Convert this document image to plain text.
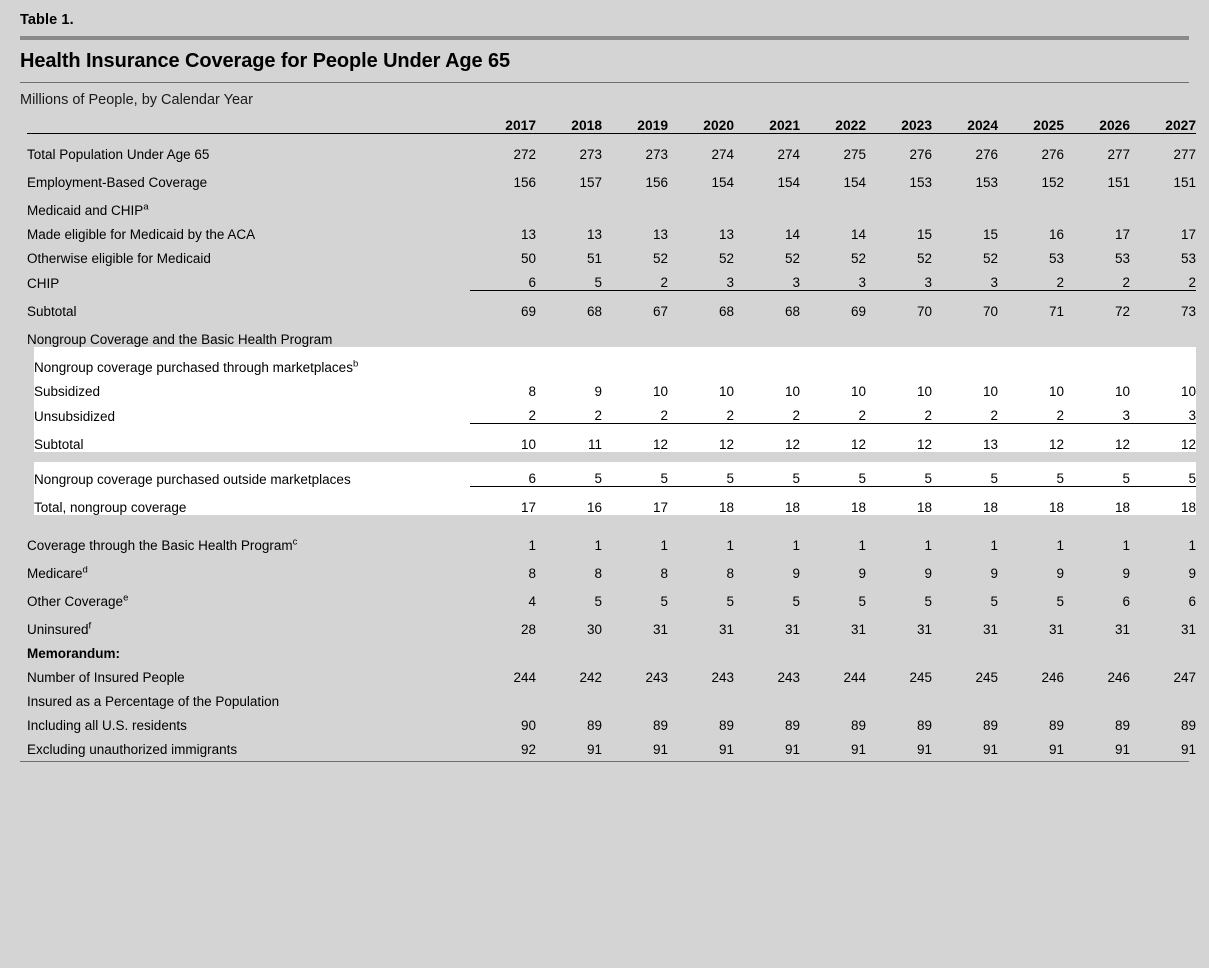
Table 1.
Health Insurance Coverage for People Under Age 65
Millions of People, by Calendar Year
	2017	2018	2019	2020	2021	2022	2023	2024	2025	2026	2027
Total Population Under Age 65	272	273	273	274	274	275	276	276	276	277	277
Employment-Based Coverage	156	157	156	154	154	154	153	153	152	151	151
Medicaid and CHIP$^a$											
Made eligible for Medicaid by the ACA	13	13	13	13	14	14	15	15	16	17	17
Otherwise eligible for Medicaid	50	51	52	52	52	52	52	52	53	53	53
CHIP	6	5	2	3	3	3	3	3	2	2	2
Subtotal	69	68	67	68	68	69	70	70	71	72	73
Nongroup Coverage and the Basic Health Program											
Nongroup coverage purchased through marketplaces$^b$											
Subsidized	8	9	10	10	10	10	10	10	10	10	10
Unsubsidized	2	2	2	2	2	2	2	2	2	3	3
Subtotal	10	11	12	12	12	12	12	13	12	12	12

Nongroup coverage purchased outside marketplaces	6	5	5	5	5	5	5	5	5	5	5
Total, nongroup coverage	17	16	17	18	18	18	18	18	18	18	18

Coverage through the Basic Health Program$^c$	1	1	1	1	1	1	1	1	1	1	1
Medicare$^d$	8	8	8	8	9	9	9	9	9	9	9
Other Coverage$^e$	4	5	5	5	5	5	5	5	5	6	6
Uninsured$^f$	28	30	31	31	31	31	31	31	31	31	31
Memorandum:											
Number of Insured People	244	242	243	243	243	244	245	245	246	246	247
Insured as a Percentage of the Population											
Including all U.S. residents	90	89	89	89	89	89	89	89	89	89	89
Excluding unauthorized immigrants	92	91	91	91	91	91	91	91	91	91	91
